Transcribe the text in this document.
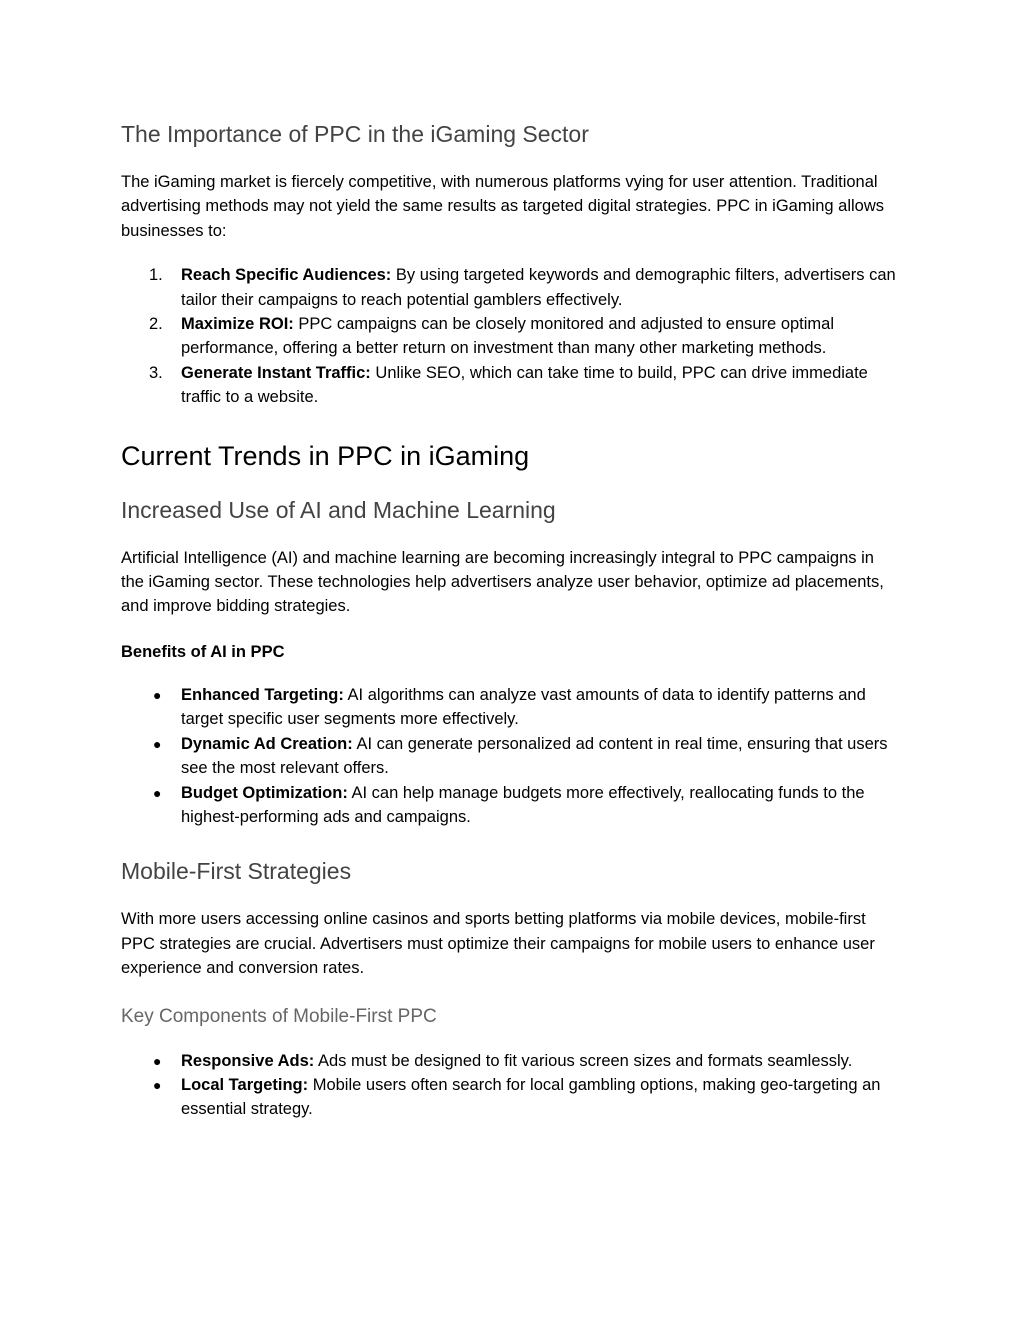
The Importance of PPC in the iGaming Sector

The iGaming market is fiercely competitive, with numerous platforms vying for user attention. Traditional advertising methods may not yield the same results as targeted digital strategies. PPC in iGaming allows businesses to:

1. Reach Specific Audiences: By using targeted keywords and demographic filters, advertisers can tailor their campaigns to reach potential gamblers effectively.
2. Maximize ROI: PPC campaigns can be closely monitored and adjusted to ensure optimal performance, offering a better return on investment than many other marketing methods.
3. Generate Instant Traffic: Unlike SEO, which can take time to build, PPC can drive immediate traffic to a website.
Current Trends in PPC in iGaming
Increased Use of AI and Machine Learning

Artificial Intelligence (AI) and machine learning are becoming increasingly integral to PPC campaigns in the iGaming sector. These technologies help advertisers analyze user behavior, optimize ad placements, and improve bidding strategies.

Benefits of AI in PPC
● Enhanced Targeting: AI algorithms can analyze vast amounts of data to identify patterns and target specific user segments more effectively.
● Dynamic Ad Creation: AI can generate personalized ad content in real time, ensuring that users see the most relevant offers.
● Budget Optimization: AI can help manage budgets more effectively, reallocating funds to the highest-performing ads and campaigns.
Mobile-First Strategies

With more users accessing online casinos and sports betting platforms via mobile devices, mobile-first PPC strategies are crucial. Advertisers must optimize their campaigns for mobile users to enhance user experience and conversion rates.

Key Components of Mobile-First PPC
● Responsive Ads: Ads must be designed to fit various screen sizes and formats seamlessly.
● Local Targeting: Mobile users often search for local gambling options, making geo-targeting an essential strategy.
